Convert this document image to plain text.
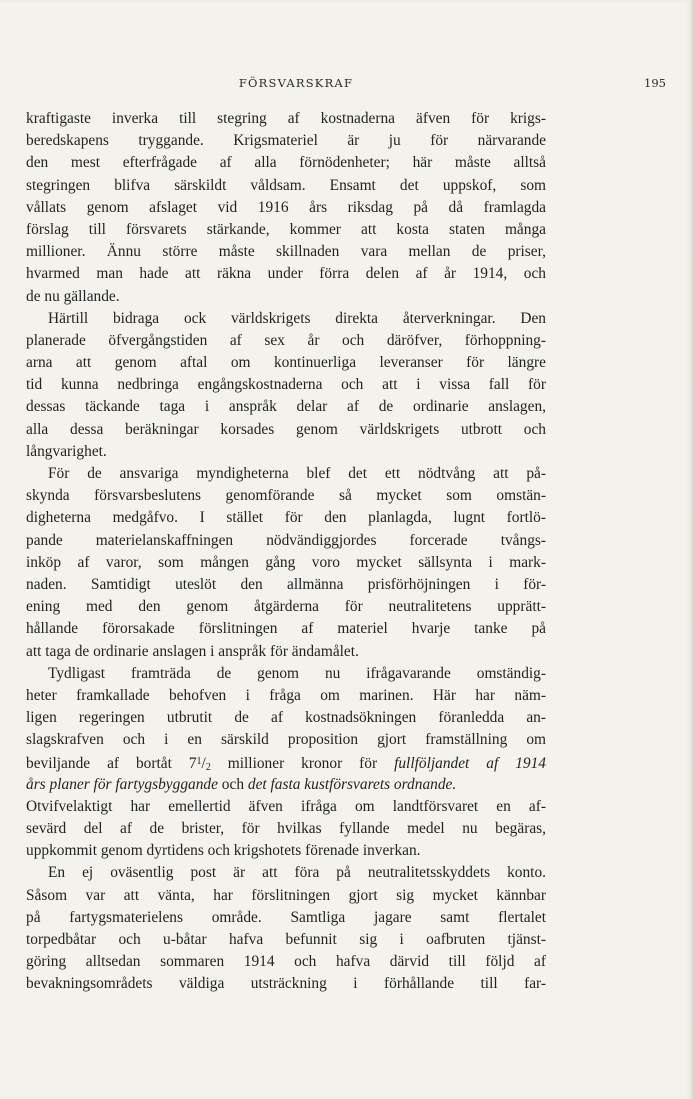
FÖRSVARSKRAF	195
kraftigaste inverka till stegring af kostnaderna äfven för krigs-
beredskapens tryggande. Krigsmateriel är ju för närvarande
den mest efterfrågade af alla förnödenheter; här måste alltså
stegringen blifva särskildt våldsam. Ensamt det uppskof, som
vållats genom afslaget vid 1916 års riksdag på då framlagda
förslag till försvarets stärkande, kommer att kosta staten många
millioner. Ännu större måste skillnaden vara mellan de priser,
hvarmed man hade att räkna under förra delen af år 1914, och
de nu gällande.
Härtill bidraga ock världskrigets direkta återverkningar. Den
planerade öfvergångstiden af sex år och däröfver, förhoppning-
arna att genom aftal om kontinuerliga leveranser för längre
tid kunna nedbringa engångskostnaderna och att i vissa fall för
dessas täckande taga i anspråk delar af de ordinarie anslagen,
alla dessa beräkningar korsades genom världskrigets utbrott och
långvarighet.
För de ansvariga myndigheterna blef det ett nödtvång att på-
skynda försvarsbeslutens genomförande så mycket som omstän-
digheterna medgåfvo. I stället för den planlagda, lugnt fortlö-
pande materielanskaffningen nödvändiggjordes forcerade tvångs-
inköp af varor, som mången gång voro mycket sällsynta i mark-
naden. Samtidigt uteslöt den allmänna prisförhöjningen i för-
ening med den genom åtgärderna för neutralitetens upprätt-
hållande förorsakade förslitningen af materiel hvarje tanke på
att taga de ordinarie anslagen i anspråk för ändamålet.
Tydligast framträda de genom nu ifrågavarande omständig-
heter framkallade behofven i fråga om marinen. Här har näm-
ligen regeringen utbrutit de af kostnadsökningen föranledda an-
slagskrafven och i en särskild proposition gjort framställning om
beviljande af bortåt $7^1/2$ millioner kronor för fullföljandet af 1914
års planer för fartygsbyggande och det fasta kustförsvarets ordnande.
Otvifvelaktigt har emellertid äfven ifråga om landtförsvaret en af-
sevärd del af de brister, för hvilkas fyllande medel nu begäras,
uppkommit genom dyrtidens och krigshotets förenade inverkan.
En ej oväsentlig post är att föra på neutralitetsskyddets konto.
Såsom var att vänta, har förslitningen gjort sig mycket kännbar
på fartygsmaterielens område. Samtliga jagare samt flertalet
torpedbåtar och u-båtar hafva befunnit sig i oafbruten tjänst-
göring alltsedan sommaren 1914 och hafva därvid till följd af
bevakningsområdets väldiga utsträckning i förhållande till far-
